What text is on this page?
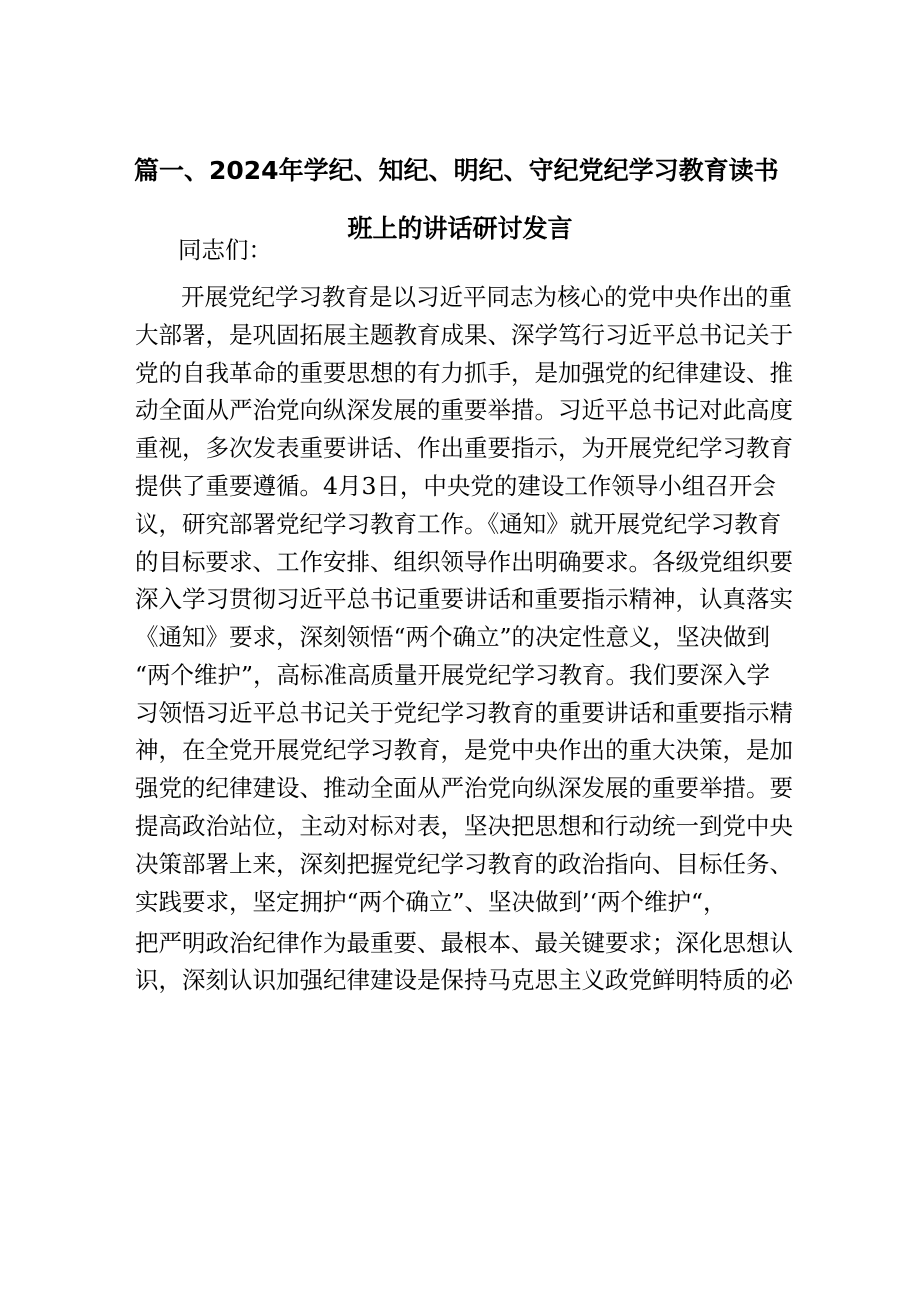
篇一、2024年学纪、知纪、明纪、守纪党纪学习教育读书
班上的讲话研讨发言
同志们：
开展党纪学习教育是以习近平同志为核心的党中央作出的重
大部署，是巩固拓展主题教育成果、深学笃行习近平总书记关于
党的自我革命的重要思想的有力抓手，是加强党的纪律建设、推
动全面从严治党向纵深发展的重要举措。习近平总书记对此高度
重视，多次发表重要讲话、作出重要指示，为开展党纪学习教育
提供了重要遵循。4月3日，中央党的建设工作领导小组召开会
议，研究部署党纪学习教育工作。《通知》就开展党纪学习教育
的目标要求、工作安排、组织领导作出明确要求。各级党组织要
深入学习贯彻习近平总书记重要讲话和重要指示精神，认真落实
《通知》要求，深刻领悟“两个确立”的决定性意义，坚决做到
“两个维护”，高标准高质量开展党纪学习教育。我们要深入学
习领悟习近平总书记关于党纪学习教育的重要讲话和重要指示精
神，在全党开展党纪学习教育，是党中央作出的重大决策，是加
强党的纪律建设、推动全面从严治党向纵深发展的重要举措。要
提高政治站位，主动对标对表，坚决把思想和行动统一到党中央
决策部署上来，深刻把握党纪学习教育的政治指向、目标任务、
实践要求，坚定拥护“两个确立”、坚决做到’‘两个维护“，
把严明政治纪律作为最重要、最根本、最关键要求；深化思想认
识，深刻认识加强纪律建设是保持马克思主义政党鲜明特质的必
